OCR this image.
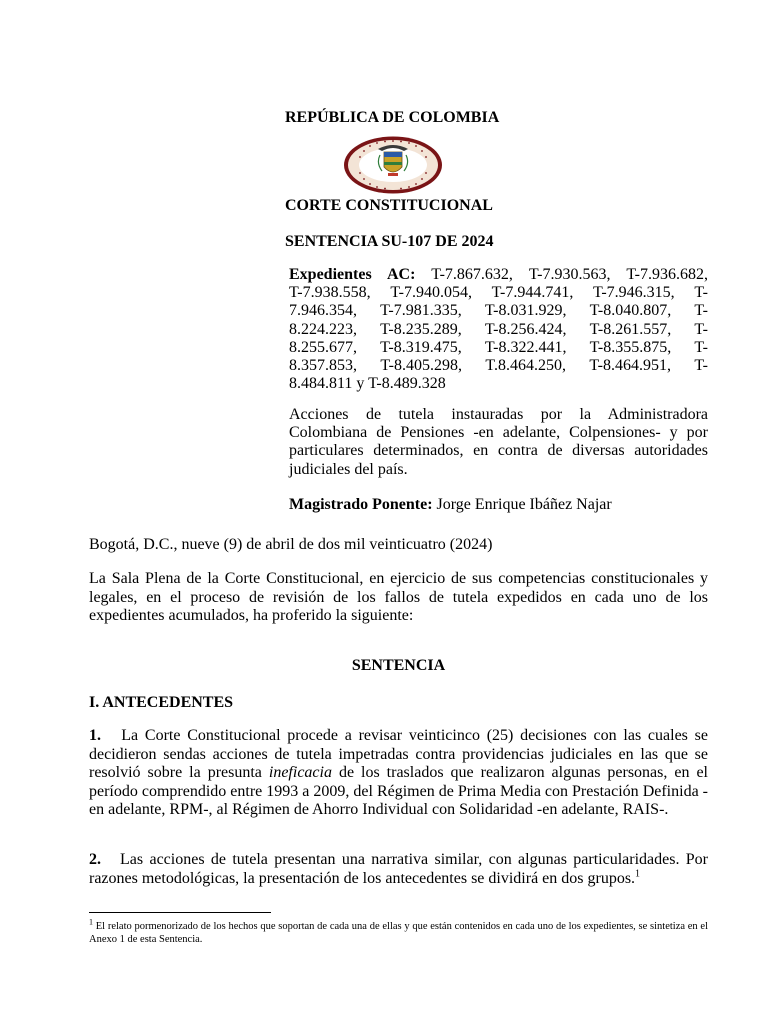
REPÚBLICA DE COLOMBIA
CORTE CONSTITUCIONAL
SENTENCIA SU-107 DE 2024
Expedientes AC: T-7.867.632, T-7.930.563, T-7.936.682,
T-7.938.558, T-7.940.054, T-7.944.741, T-7.946.315, T-
7.946.354, T-7.981.335, T-8.031.929, T-8.040.807, T-
8.224.223, T-8.235.289, T-8.256.424, T-8.261.557, T-
8.255.677, T-8.319.475, T-8.322.441, T-8.355.875, T-
8.357.853, T-8.405.298, T.8.464.250, T-8.464.951, T-
8.484.811 y T-8.489.328

Acciones de tutela instauradas por la Administradora Colombiana de Pensiones -en adelante, Colpensiones- y por particulares determinados, en contra de diversas autoridades judiciales del país.

Magistrado Ponente: Jorge Enrique Ibáñez Najar
Bogotá, D.C., nueve (9) de abril de dos mil veinticuatro (2024)

La Sala Plena de la Corte Constitucional, en ejercicio de sus competencias constitucionales y legales, en el proceso de revisión de los fallos de tutela expedidos en cada uno de los expedientes acumulados, ha proferido la siguiente:

SENTENCIA
I. ANTECEDENTES

1. La Corte Constitucional procede a revisar veinticinco (25) decisiones con las cuales se decidieron sendas acciones de tutela impetradas contra providencias judiciales en las que se resolvió sobre la presunta ineficacia de los traslados que realizaron algunas personas, en el período comprendido entre 1993 a 2009, del Régimen de Prima Media con Prestación Definida -en adelante, RPM-, al Régimen de Ahorro Individual con Solidaridad -en adelante, RAIS-.

2. Las acciones de tutela presentan una narrativa similar, con algunas particularidades. Por razones metodológicas, la presentación de los antecedentes se dividirá en dos grupos.$^1$

$^1$ El relato pormenorizado de los hechos que soportan de cada una de ellas y que están contenidos en cada uno de los expedientes, se sintetiza en el Anexo 1 de esta Sentencia.
